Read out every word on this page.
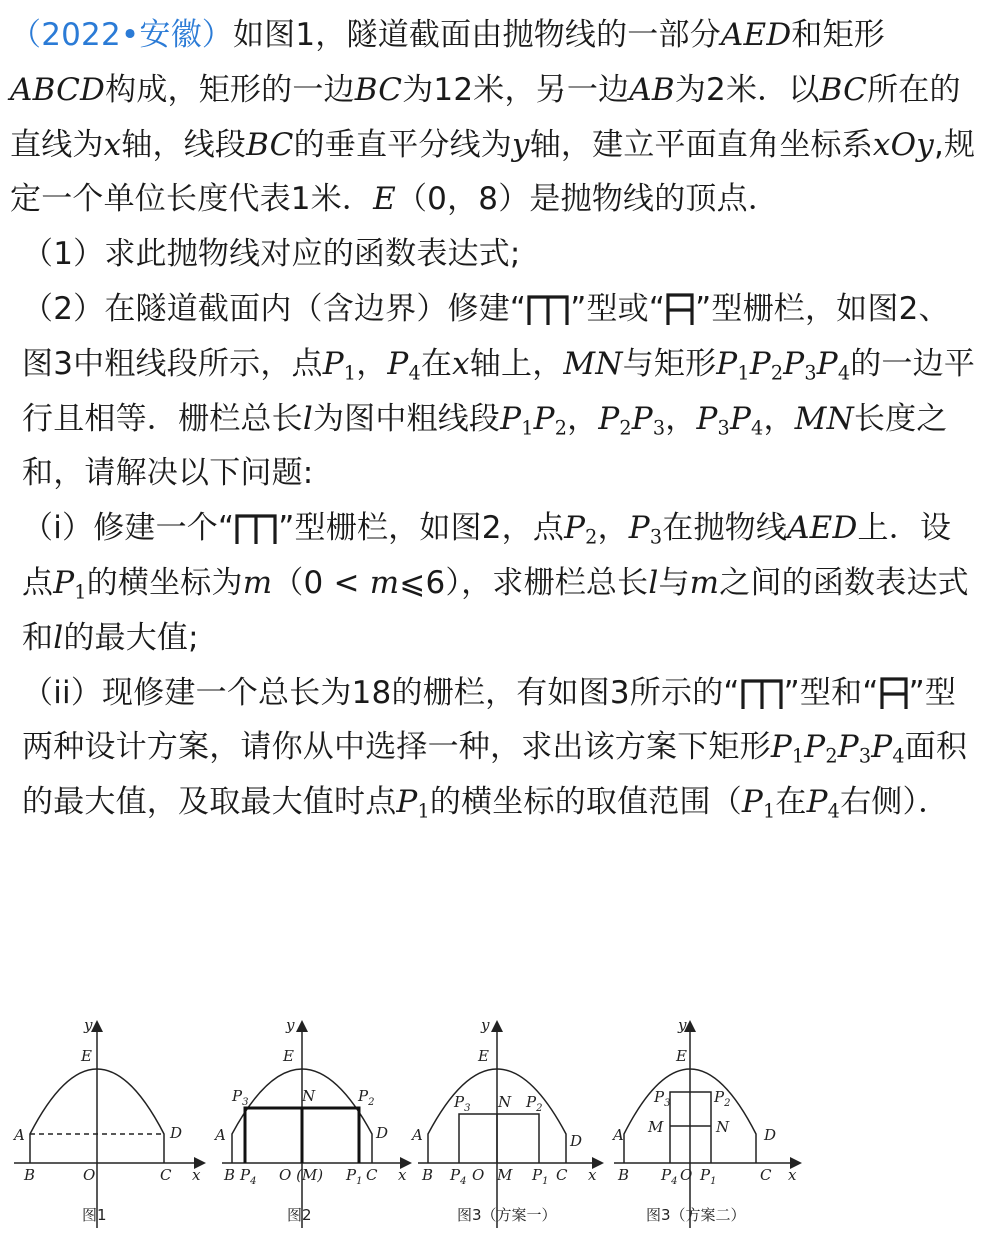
（2022•安徽）如图1，隧道截面由抛物线的一部分AED和矩形ABCD构成，矩形的一边BC为12米，另一边AB为2米．以BC所在的直线为x轴，线段BC的垂直平分线为y轴，建立平面直角坐标系xOy,规定一个单位长度代表1米．E（0，8）是抛物线的顶点．

（1）求此抛物线对应的函数表达式;

（2）在隧道截面内（含边界）修建“ ”型或“ ”型栅栏，如图2、图3中粗线段所示，点$P_1$，$P_4$在x轴上，MN与矩形$P_1P_2P_3P_4$的一边平行且相等．栅栏总长l为图中粗线段$P_1P_2$，$P_2P_3$，$P_3P_4$，MN长度之和，请解决以下问题:

（i）修建一个“ ”型栅栏，如图2，点$P_2$，$P_3$在抛物线AED上．设点$P_1$的横坐标为m（0 < m⩽6），求栅栏总长l与m之间的函数表达式和l的最大值;

（ii）现修建一个总长为18的栅栏，有如图3所示的“ ”型和“ ”型两种设计方案，请你从中选择一种，求出该方案下矩形$P_1P_2P_3P_4$面积的最大值，及取最大值时点$P_1$的横坐标的取值范围（$P_1$在$P_4$右侧）．

y
E
A	D
B	O	C x
图1
y
E
N
$P_3$	$P_2$
A	D
B $P_4$ O (M) $P_1$ C x
图2
y
E
N
$P_3$	$P_2$
A	D
B $P_4$ O M $P_1$ C x
图3（方案一）
y
E
$P_3$	$P_2$
M	N
A	D
B $P_4$ O $P_1$	C x
图3（方案二）
